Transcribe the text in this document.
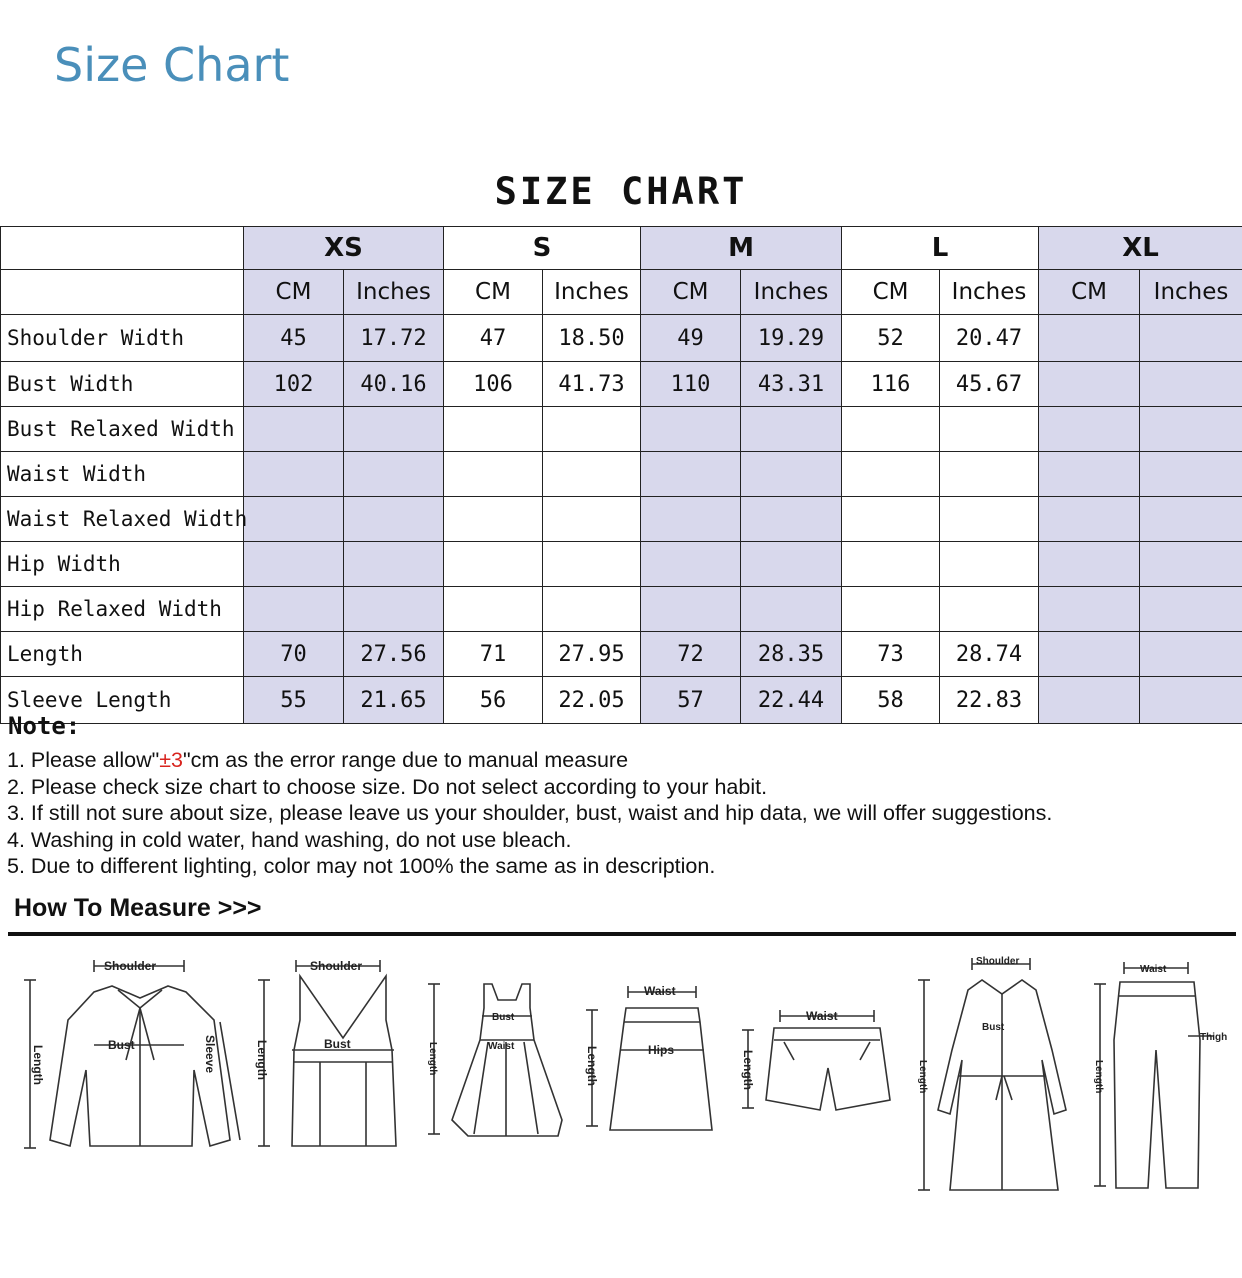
Size Chart
SIZE CHART
	XS		S		M		L		XL	
	CM	Inches	CM	Inches	CM	Inches	CM	Inches	CM	Inches
Shoulder Width	45	17.72	47	18.50	49	19.29	52	20.47		
Bust Width	102	40.16	106	41.73	110	43.31	116	45.67		
Bust Relaxed Width										
Waist Width										
Waist Relaxed Width										
Hip Width										
Hip Relaxed Width										
Length	70	27.56	71	27.95	72	28.35	73	28.74		
Sleeve Length	55	21.65	56	22.05	57	22.44	58	22.83		
Note:
1. Please allow"±3"cm as the error range due to manual measure
2. Please check size chart to choose size. Do not select according to your habit.
3. If still not sure about size, please leave us your shoulder, bust, waist and hip data, we will offer suggestions.
4. Washing in cold water, hand washing, do not use bleach.
5. Due to different lighting, color may not 100% the same as in description.
How To Measure >>>
Shoulder
Bust
Length	Sleeve
Shoulder
Bust
Length
Bust
Waist
Length
Waist
Hips
Length
Waist
Length
Shoulder
Bust
Length
Waist
Thigh
Length
